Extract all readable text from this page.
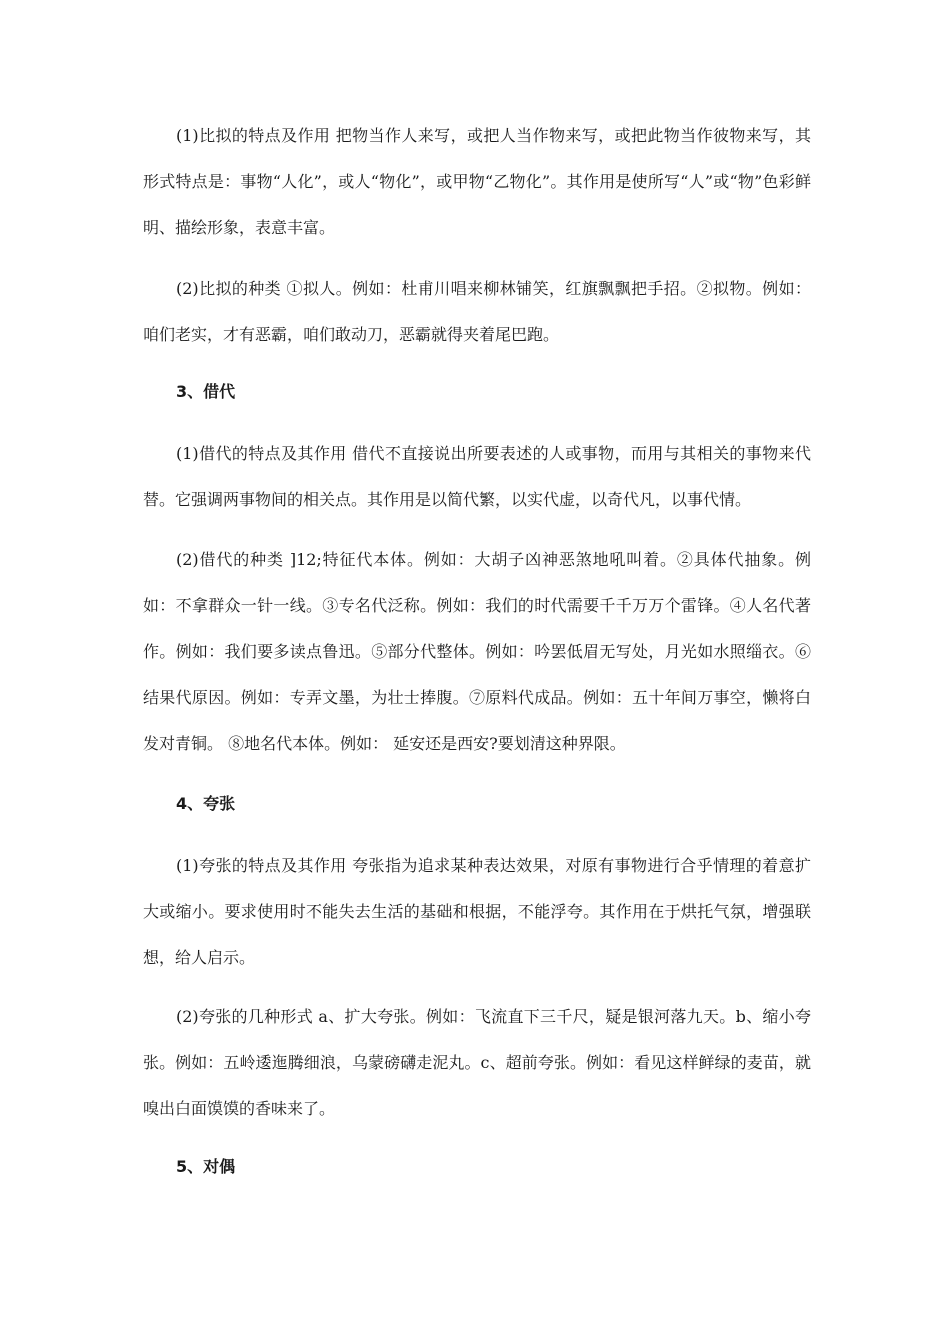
(1)比拟的特点及作用 把物当作人来写，或把人当作物来写，或把此物当作彼物来写，其形式特点是：事物“人化”，或人“物化”，或甲物“乙物化”。其作用是使所写“人”或“物”色彩鲜明、描绘形象，表意丰富。

(2)比拟的种类 ①拟人。例如：杜甫川唱来柳林铺笑，红旗飘飘把手招。②拟物。例如：咱们老实，才有恶霸，咱们敢动刀，恶霸就得夹着尾巴跑。

3、借代

(1)借代的特点及其作用 借代不直接说出所要表述的人或事物，而用与其相关的事物来代替。它强调两事物间的相关点。其作用是以简代繁，以实代虚，以奇代凡，以事代情。

(2)借代的种类 ]12;特征代本体。例如：大胡子凶神恶煞地吼叫着。②具体代抽象。例如：不拿群众一针一线。③专名代泛称。例如：我们的时代需要千千万万个雷锋。④人名代著作。例如：我们要多读点鲁迅。⑤部分代整体。例如：吟罢低眉无写处，月光如水照缁衣。⑥结果代原因。例如：专弄文墨，为壮士捧腹。⑦原料代成品。例如：五十年间万事空，懒将白发对青铜。 ⑧地名代本体。例如： 延安还是西安?要划清这种界限。

4、夸张

(1)夸张的特点及其作用 夸张指为追求某种表达效果，对原有事物进行合乎情理的着意扩大或缩小。要求使用时不能失去生活的基础和根据，不能浮夸。其作用在于烘托气氛，增强联想，给人启示。

(2)夸张的几种形式 a、扩大夸张。例如：飞流直下三千尺，疑是银河落九天。b、缩小夸张。例如：五岭逶迤腾细浪，乌蒙磅礴走泥丸。c、超前夸张。例如：看见这样鲜绿的麦苗，就嗅出白面馍馍的香味来了。

5、对偶
